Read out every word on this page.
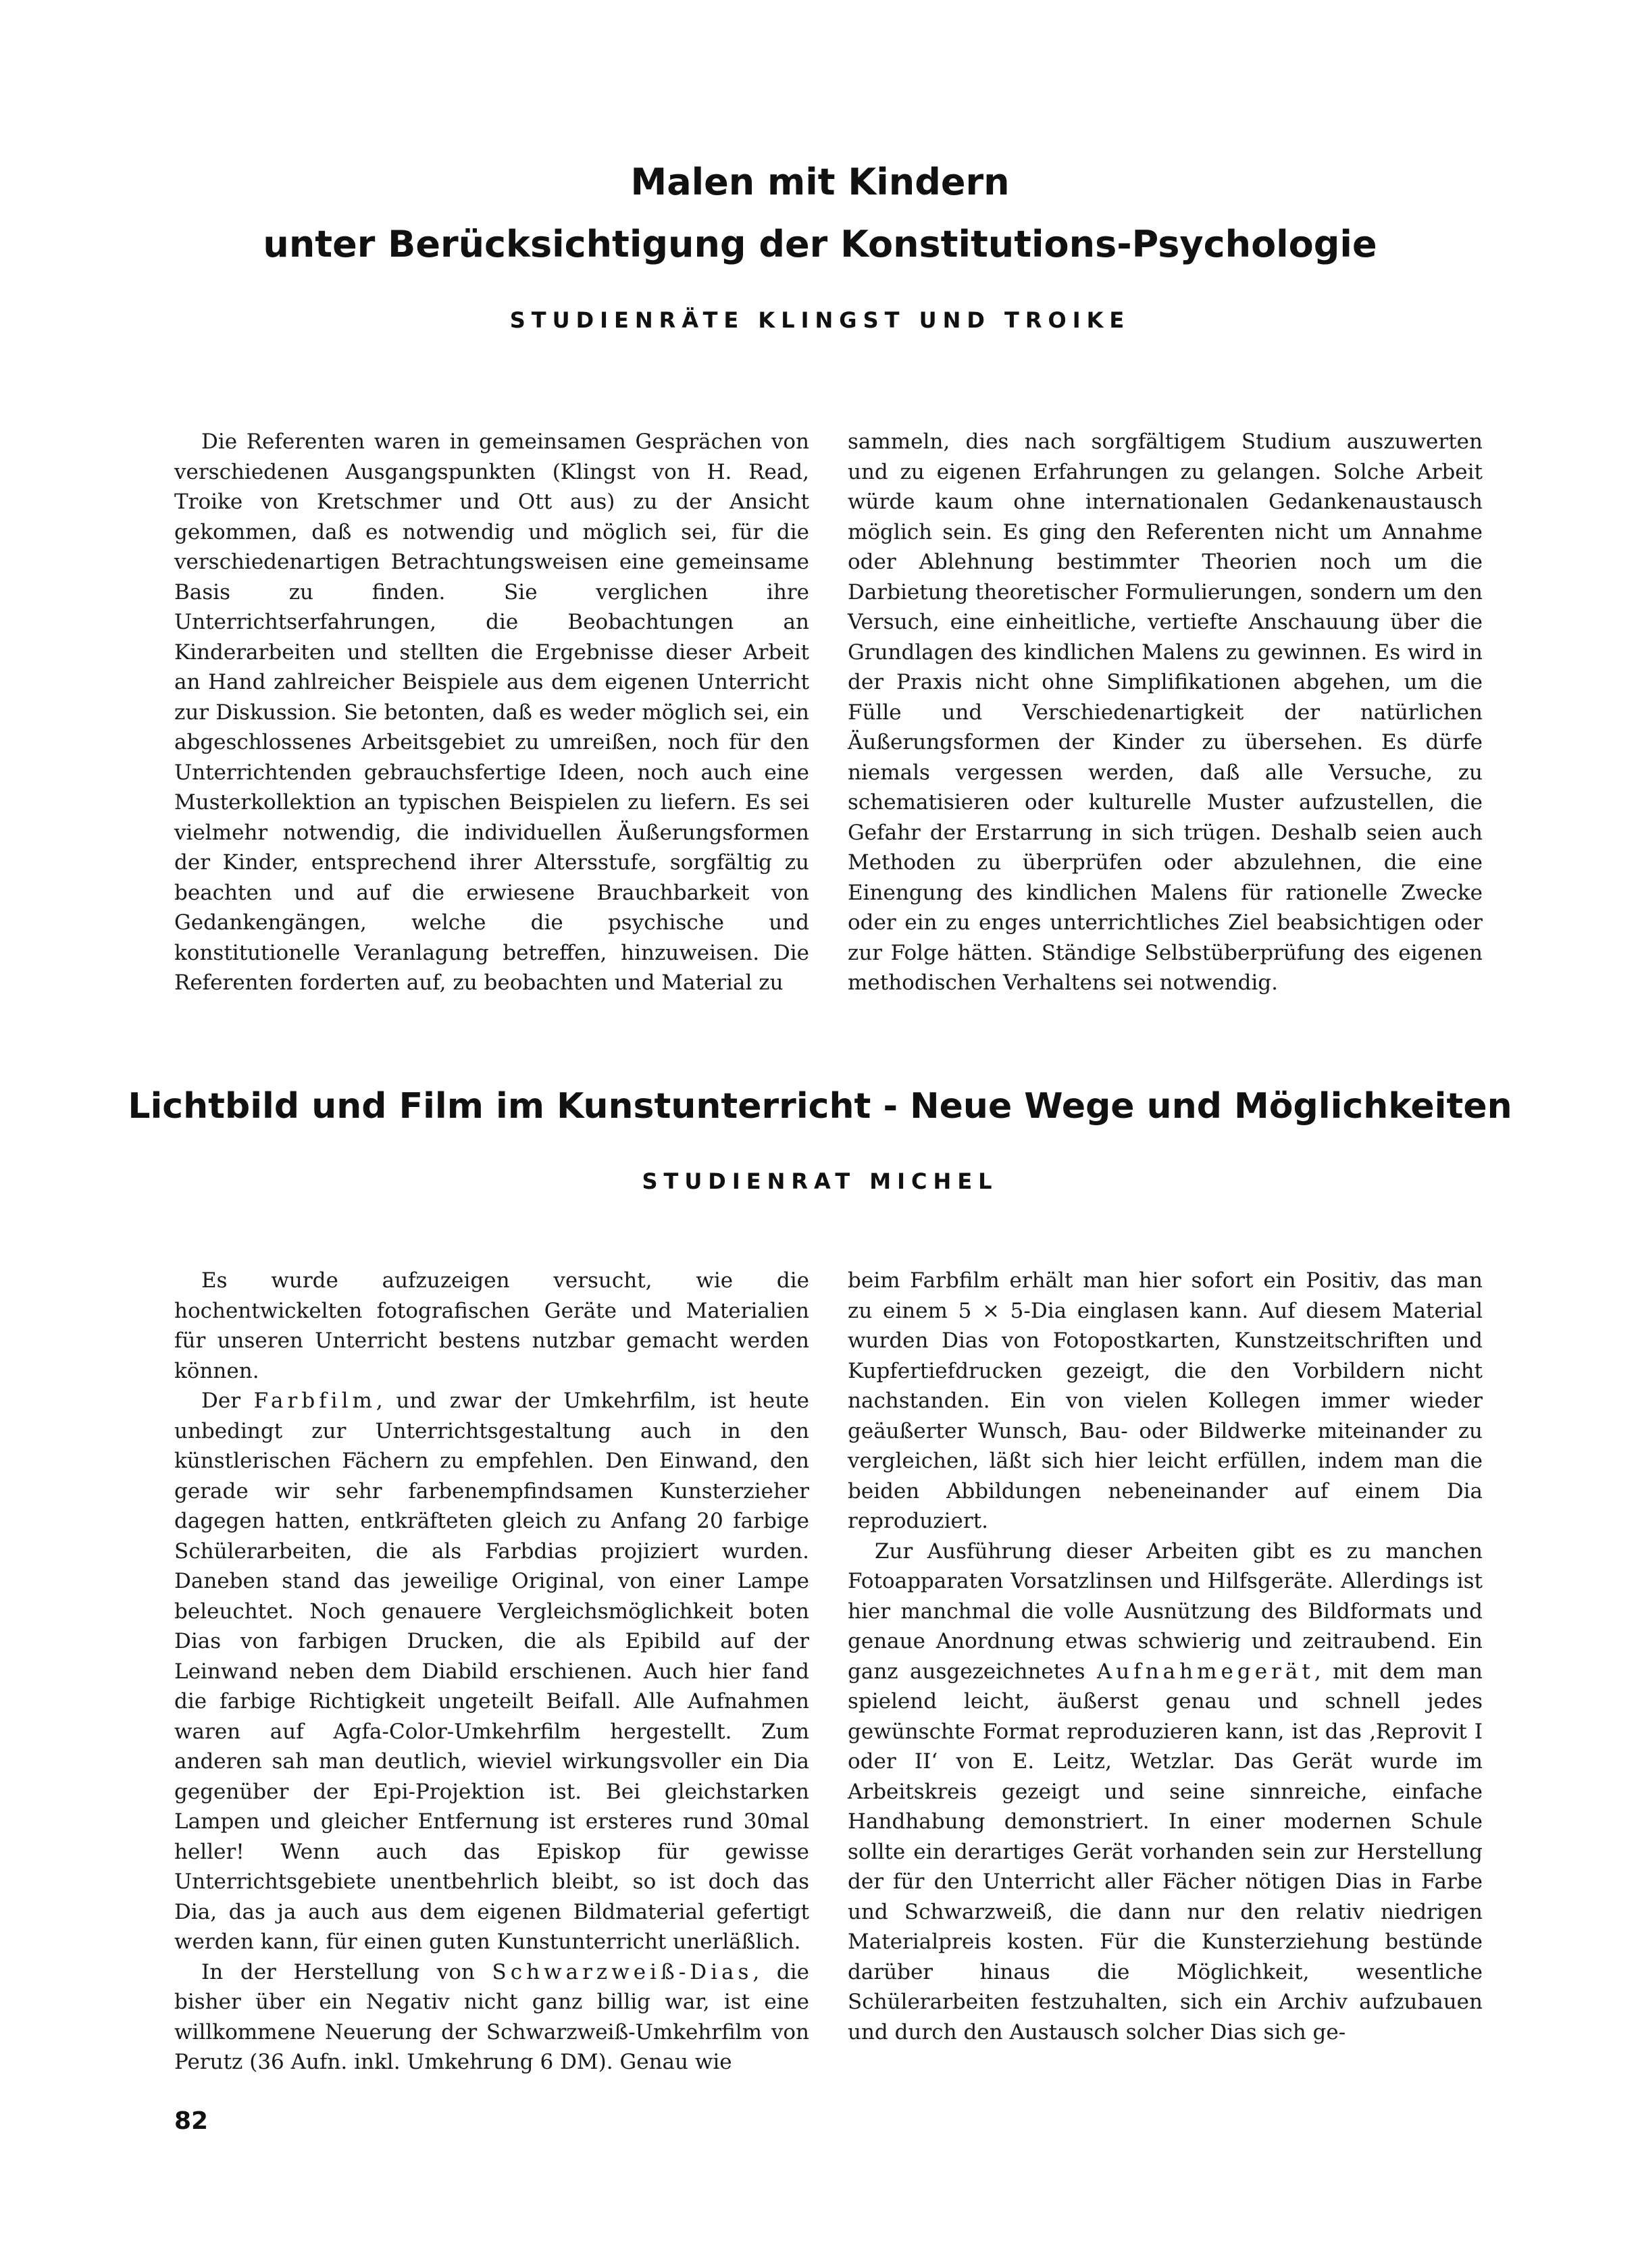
Malen mit Kindern
unter Berücksichtigung der Konstitutions-Psychologie
STUDIENRÄTE KLINGST UND TROIKE

Die Referenten waren in gemeinsamen Gesprächen von verschiedenen Ausgangspunkten (Klingst von H. Read, Troike von Kretschmer und Ott aus) zu der Ansicht gekommen, daß es notwendig und möglich sei, für die verschiedenartigen Betrachtungsweisen eine gemeinsame Basis zu finden. Sie verglichen ihre Unterrichtserfahrungen, die Beobachtungen an Kinderarbeiten und stellten die Ergebnisse dieser Arbeit an Hand zahlreicher Beispiele aus dem eigenen Unterricht zur Diskussion. Sie betonten, daß es weder möglich sei, ein abgeschlossenes Arbeitsgebiet zu umreißen, noch für den Unterrichtenden gebrauchsfertige Ideen, noch auch eine Musterkollektion an typischen Beispielen zu liefern. Es sei vielmehr notwendig, die individuellen Äußerungsformen der Kinder, entsprechend ihrer Altersstufe, sorgfältig zu beachten und auf die erwiesene Brauchbarkeit von Gedankengängen, welche die psychische und konstitutionelle Veranlagung betreffen, hinzuweisen. Die Referenten forderten auf, zu beobachten und Material zu

sammeln, dies nach sorgfältigem Studium auszuwerten und zu eigenen Erfahrungen zu gelangen. Solche Arbeit würde kaum ohne internationalen Gedankenaustausch möglich sein. Es ging den Referenten nicht um Annahme oder Ablehnung bestimmter Theorien noch um die Darbietung theoretischer Formulierungen, sondern um den Versuch, eine einheitliche, vertiefte Anschauung über die Grundlagen des kindlichen Malens zu gewinnen. Es wird in der Praxis nicht ohne Simplifikationen abgehen, um die Fülle und Verschiedenartigkeit der natürlichen Äußerungsformen der Kinder zu übersehen. Es dürfe niemals vergessen werden, daß alle Versuche, zu schematisieren oder kulturelle Muster aufzustellen, die Gefahr der Erstarrung in sich trügen. Deshalb seien auch Methoden zu überprüfen oder abzulehnen, die eine Einengung des kindlichen Malens für rationelle Zwecke oder ein zu enges unterrichtliches Ziel beabsichtigen oder zur Folge hätten. Ständige Selbstüberprüfung des eigenen methodischen Verhaltens sei notwendig.

Lichtbild und Film im Kunstunterricht - Neue Wege und Möglichkeiten
STUDIENRAT MICHEL

Es wurde aufzuzeigen versucht, wie die hochentwickelten fotografischen Geräte und Materialien für unseren Unterricht bestens nutzbar gemacht werden können.

Der Farbfilm, und zwar der Umkehrfilm, ist heute unbedingt zur Unterrichtsgestaltung auch in den künstlerischen Fächern zu empfehlen. Den Einwand, den gerade wir sehr farbenempfindsamen Kunsterzieher dagegen hatten, entkräfteten gleich zu Anfang 20 farbige Schülerarbeiten, die als Farbdias projiziert wurden. Daneben stand das jeweilige Original, von einer Lampe beleuchtet. Noch genauere Vergleichsmöglichkeit boten Dias von farbigen Drucken, die als Epibild auf der Leinwand neben dem Diabild erschienen. Auch hier fand die farbige Richtigkeit ungeteilt Beifall. Alle Aufnahmen waren auf Agfa-Color-Umkehrfilm hergestellt. Zum anderen sah man deutlich, wieviel wirkungsvoller ein Dia gegenüber der Epi-Projektion ist. Bei gleichstarken Lampen und gleicher Entfernung ist ersteres rund 30mal heller! Wenn auch das Episkop für gewisse Unterrichtsgebiete unentbehrlich bleibt, so ist doch das Dia, das ja auch aus dem eigenen Bildmaterial gefertigt werden kann, für einen guten Kunstunterricht unerläßlich.

In der Herstellung von Schwarzweiß-Dias, die bisher über ein Negativ nicht ganz billig war, ist eine willkommene Neuerung der Schwarzweiß-Umkehrfilm von Perutz (36 Aufn. inkl. Umkehrung 6 DM). Genau wie

beim Farbfilm erhält man hier sofort ein Positiv, das man zu einem 5 × 5-Dia einglasen kann. Auf diesem Material wurden Dias von Fotopostkarten, Kunstzeitschriften und Kupfertiefdrucken gezeigt, die den Vorbildern nicht nachstanden. Ein von vielen Kollegen immer wieder geäußerter Wunsch, Bau- oder Bildwerke miteinander zu vergleichen, läßt sich hier leicht erfüllen, indem man die beiden Abbildungen nebeneinander auf einem Dia reproduziert.

Zur Ausführung dieser Arbeiten gibt es zu manchen Fotoapparaten Vorsatzlinsen und Hilfsgeräte. Allerdings ist hier manchmal die volle Ausnützung des Bildformats und genaue Anordnung etwas schwierig und zeitraubend. Ein ganz ausgezeichnetes Aufnahmegerät, mit dem man spielend leicht, äußerst genau und schnell jedes gewünschte Format reproduzieren kann, ist das ‚Reprovit I oder II‘ von E. Leitz, Wetzlar. Das Gerät wurde im Arbeitskreis gezeigt und seine sinnreiche, einfache Handhabung demonstriert. In einer modernen Schule sollte ein derartiges Gerät vorhanden sein zur Herstellung der für den Unterricht aller Fächer nötigen Dias in Farbe und Schwarzweiß, die dann nur den relativ niedrigen Materialpreis kosten. Für die Kunsterziehung bestünde darüber hinaus die Möglichkeit, wesentliche Schülerarbeiten festzuhalten, sich ein Archiv aufzubauen und durch den Austausch solcher Dias sich ge-

82
